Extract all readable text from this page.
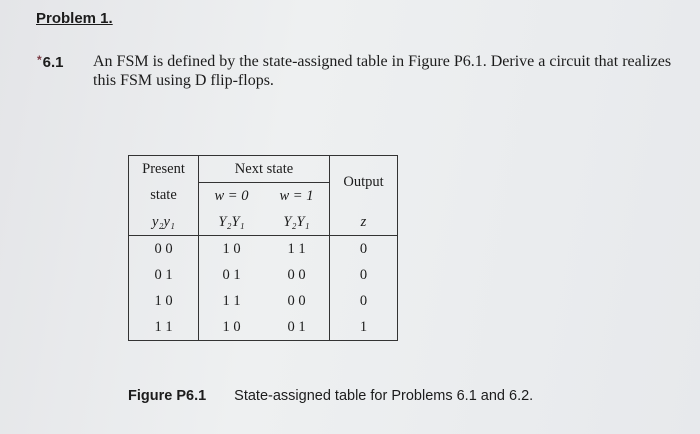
Problem 1.
*6.1 An FSM is defined by the state-assigned table in Figure P6.1. Derive a circuit that realizes
this FSM using D flip-flops.
Present	Next state		Output
state	w = 0	w = 1	
y₂y₁	Y₂Y₁	Y₂Y₁	z
0 0	1 0	1 1	0
0 1	0 1	0 0	0
1 0	1 1	0 0	0
1 1	1 0	0 1	1
Figure P6.1 State-assigned table for Problems 6.1 and 6.2.
